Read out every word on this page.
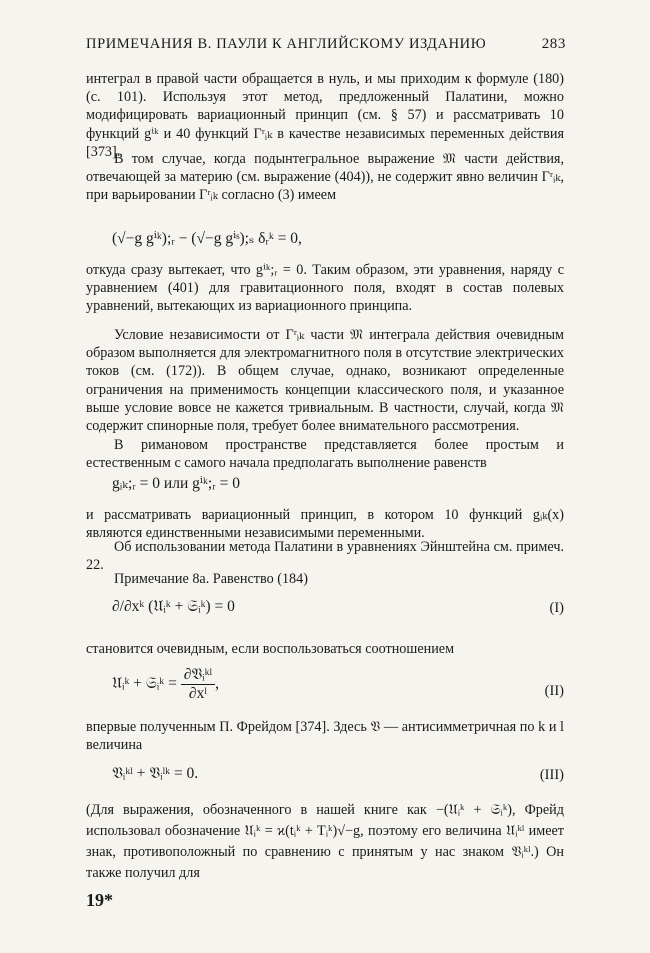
ПРИМЕЧАНИЯ В. ПАУЛИ К АНГЛИЙСКОМУ ИЗДАНИЮ	283

интеграл в правой части обращается в нуль, и мы приходим к формуле (180) (с. 101). Используя этот метод, предложенный Палатини, можно модифицировать вариационный принцип (см. § 57) и рассматривать 10 функций gⁱᵏ и 40 функций Γʳᵢₖ в качестве независимых переменных действия [373].

В том случае, когда подынтегральное выражение 𝔐 части действия, отвечающей за материю (см. выражение (404)), не содержит явно величин Γʳᵢₖ, при варьировании Γʳᵢₖ согласно (3) имеем

(√−g gⁱᵏ);ᵣ − (√−g gⁱˢ);ₛ δᵣᵏ = 0,

откуда сразу вытекает, что gⁱᵏ;ᵣ = 0. Таким образом, эти уравнения, наряду с уравнением (401) для гравитационного поля, входят в состав полевых уравнений, вытекающих из вариационного принципа.

Условие независимости от Γʳᵢₖ части 𝔐 интеграла действия очевидным образом выполняется для электромагнитного поля в отсутствие электрических токов (см. (172)). В общем случае, однако, возникают определенные ограничения на применимость концепции классического поля, и указанное выше условие вовсе не кажется тривиальным. В частности, случай, когда 𝔐 содержит спинорные поля, требует более внимательного рассмотрения.

В римановом пространстве представляется более простым и естественным с самого начала предполагать выполнение равенств

gᵢₖ;ᵣ = 0 или gⁱᵏ;ᵣ = 0

и рассматривать вариационный принцип, в котором 10 функций gᵢₖ(x) являются единственными независимыми переменными.

Об использовании метода Палатини в уравнениях Эйнштейна см. примеч. 22.

Примечание 8а. Равенство (184)

∂/∂xᵏ (𝔘ᵢᵏ + 𝔖ᵢᵏ) = 0	(I)

становится очевидным, если воспользоваться соотношением

𝔘ᵢᵏ + 𝔖ᵢᵏ = $\frac{\text{∂𝔙ᵢᵏˡ}}{\text{∂xˡ}}$ ,	(II)

впервые полученным П. Фрейдом [374]. Здесь 𝔙 — антисимметричная по k и l величина

𝔙ᵢᵏˡ + 𝔙ᵢˡᵏ = 0.	(III)

(Для выражения, обозначенного в нашей книге как −(𝔘ᵢᵏ + 𝔖ᵢᵏ), Фрейд использовал обозначение 𝔘ᵢᵏ = ϰ(tᵢᵏ + Tᵢᵏ)√−g, поэтому его величина 𝔘ᵢᵏˡ имеет знак, противоположный по сравнению с принятым у нас знаком 𝔙ᵢᵏˡ.) Он также получил для

19*
